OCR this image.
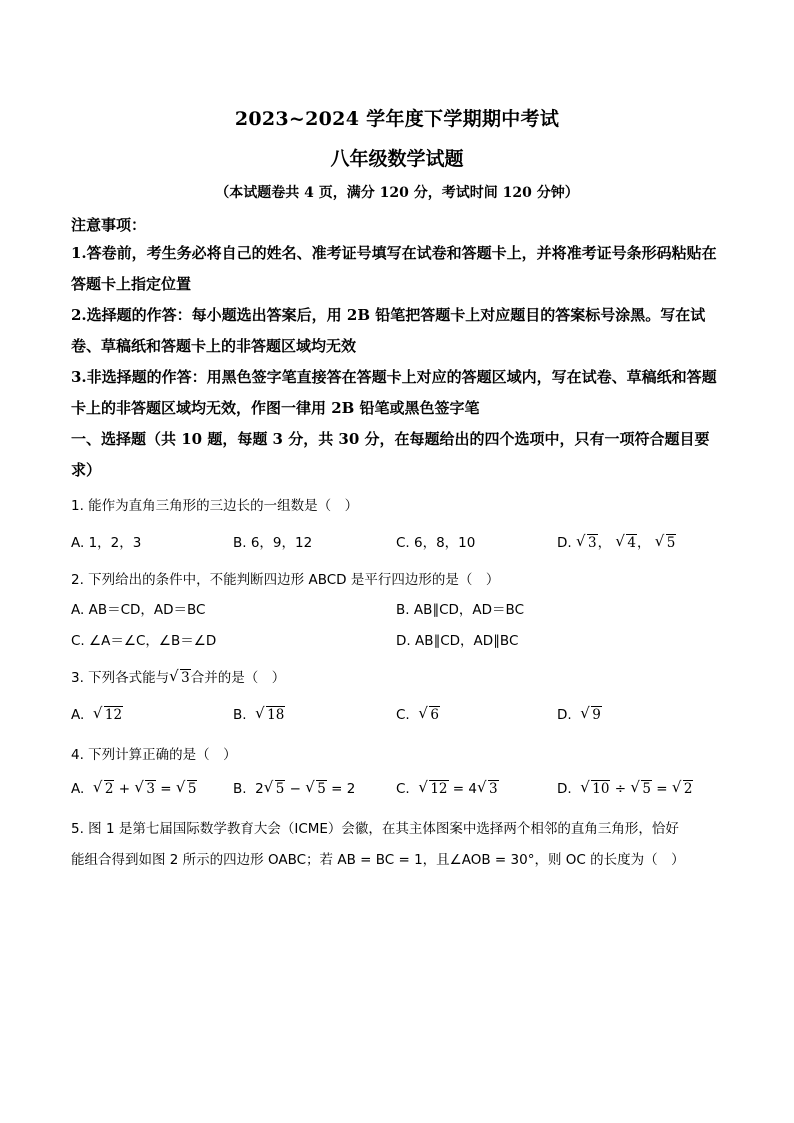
2023~2024 学年度下学期期中考试
八年级数学试题
（本试题卷共 4 页，满分 120 分，考试时间 120 分钟）
注意事项：
1.答卷前，考生务必将自己的姓名、准考证号填写在试卷和答题卡上，并将准考证号条形码粘贴在答题卡上指定位置
2.选择题的作答：每小题选出答案后，用 2B 铅笔把答题卡上对应题目的答案标号涂黑。写在试卷、草稿纸和答题卡上的非答题区域均无效
3.非选择题的作答：用黑色签字笔直接答在答题卡上对应的答题区域内，写在试卷、草稿纸和答题卡上的非答题区域均无效，作图一律用 2B 铅笔或黑色签字笔
一、选择题（共 10 题，每题 3 分，共 30 分，在每题给出的四个选项中，只有一项符合题目要求）
1. 能作为直角三角形的三边长的一组数是（　）
A. 1，2，3	B. 6，9，12	C. 6，8，10	D. √ 3， √ 4， √ 5
2. 下列给出的条件中，不能判断四边形 ABCD 是平行四边形的是（　）
A. AB＝CD，AD＝BC	B. AB∥CD，AD＝BC
C. ∠A＝∠C，∠B＝∠D	D. AB∥CD，AD∥BC
3. 下列各式能与 √ 3合并的是（　）
A. √ 12	B. √ 18	C. √ 6	D. √ 9
4. 下列计算正确的是（　）
A. √ 2 + √ 3 = √ 5	B. 2 √ 5 − √ 5 = 2	C. √ 12 = 4 √ 3	D. √ 10 ÷ √ 5 = √ 2
5. 图 1 是第七届国际数学教育大会（ICME）会徽，在其主体图案中选择两个相邻的直角三角形，恰好
能组合得到如图 2 所示的四边形 OABC；若 AB = BC = 1，且∠AOB = 30°，则 OC 的长度为（　）
